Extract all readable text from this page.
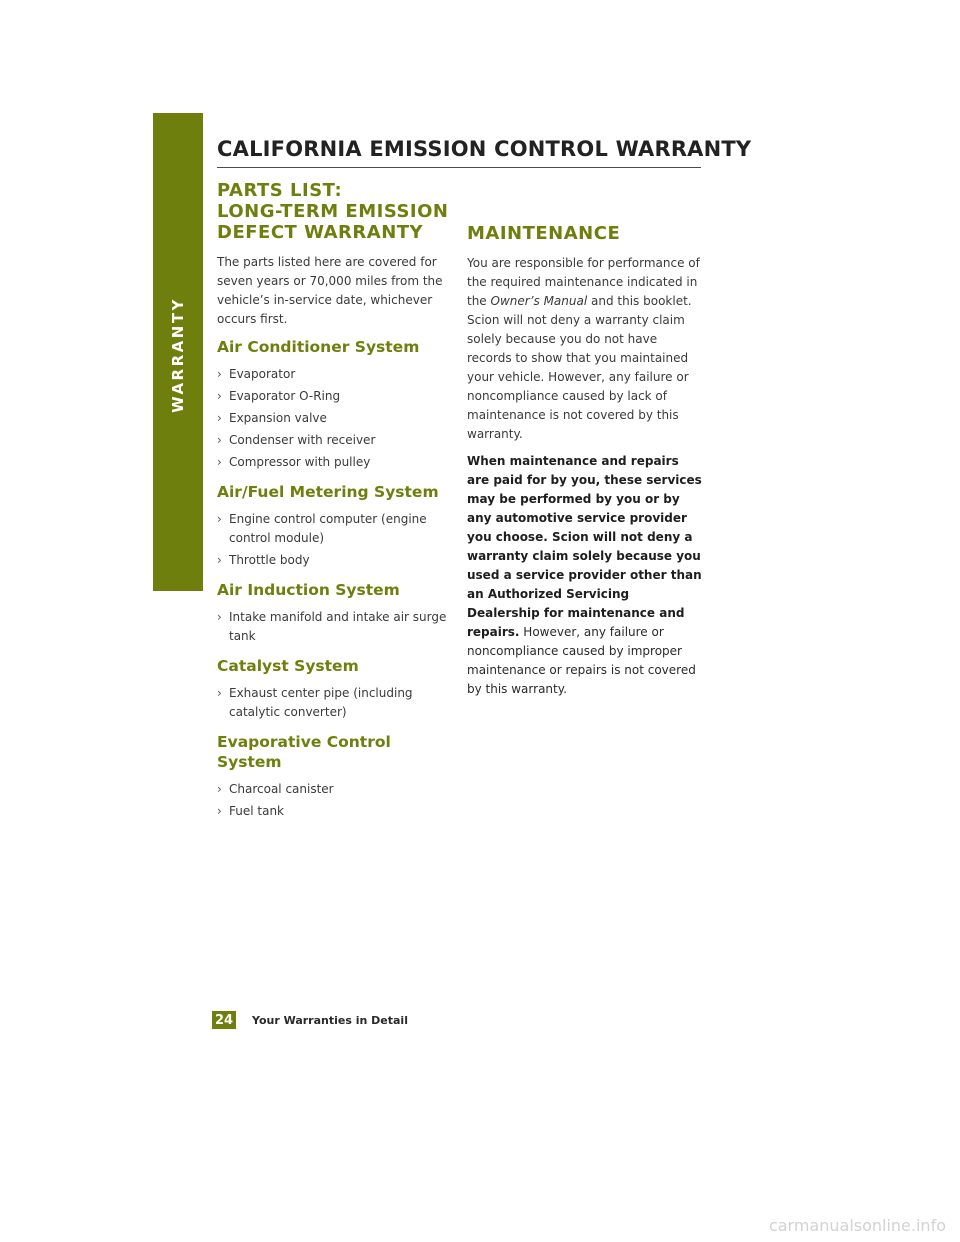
WARRANTY
CALIFORNIA EMISSION CONTROL WARRANTY
PARTS LIST:
LONG-TERM EMISSION
DEFECT WARRANTY

The parts listed here are covered for seven years or 70,000 miles from the vehicle’s in-service date, whichever occurs first.

Air Conditioner System
› Evaporator
› Evaporator O-Ring
› Expansion valve
› Condenser with receiver
› Compressor with pulley
Air/Fuel Metering System
› Engine control computer (engine control module)
› Throttle body
Air Induction System
› Intake manifold and intake air surge tank
Catalyst System
› Exhaust center pipe (including catalytic converter)
Evaporative Control System
› Charcoal canister
› Fuel tank
MAINTENANCE

You are responsible for performance of the required maintenance indicated in the Owner’s Manual and this booklet. Scion will not deny a warranty claim solely because you do not have records to show that you maintained your vehicle. However, any failure or noncompliance caused by lack of maintenance is not covered by this warranty.

When maintenance and repairs are paid for by you, these services may be performed by you or by any automotive service provider you choose. Scion will not deny a warranty claim solely because you used a service provider other than an Authorized Servicing Dealership for maintenance and repairs. However, any failure or noncompliance caused by improper maintenance or repairs is not covered by this warranty.

24 Your Warranties in Detail
carmanualsonline.info
